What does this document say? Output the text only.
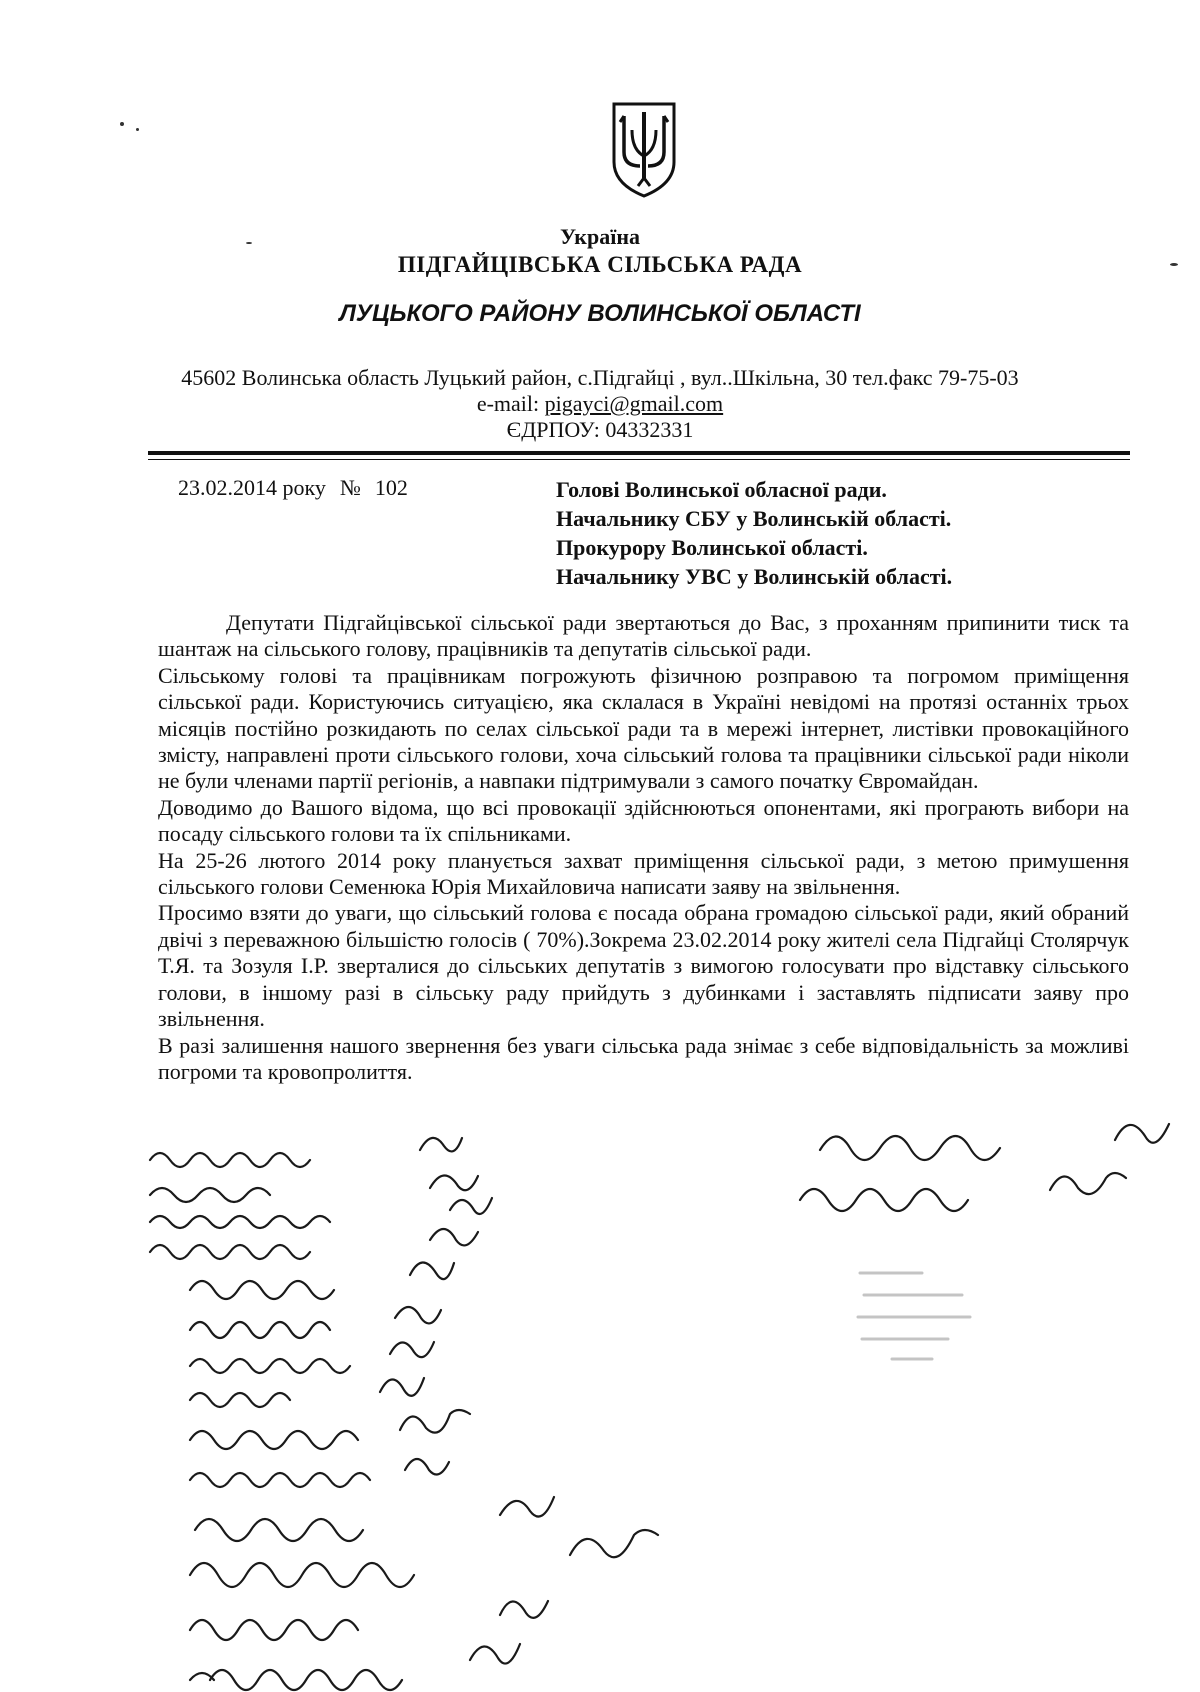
Україна
ПІДГАЙЦІВСЬКА СІЛЬСЬКА РАДА
ЛУЦЬКОГО РАЙОНУ ВОЛИНСЬКОЇ ОБЛАСТІ
45602 Волинська область Луцький район, с.Підгайці , вул..Шкільна, 30 тел.факс 79-75-03
e-mail: pigayci@gmail.com
ЄДРПОУ: 04332331
23.02.2014 року № 102	Голові Волинської обласної ради.
Начальнику СБУ у Волинській області.
Прокурору Волинської області.
Начальнику УВС у Волинській області.

Депутати Підгайцівської сільської ради звертаються до Вас, з проханням припинити тиск та шантаж на сільського голову, працівників та депутатів сільської ради.

Сільському голові та працівникам погрожують фізичною розправою та погромом приміщення сільської ради. Користуючись ситуацією, яка склалася в Україні невідомі на протязі останніх трьох місяців постійно розкидають по селах сільської ради та в мережі інтернет, листівки провокаційного змісту, направлені проти сільського голови, хоча сільський голова та працівники сільської ради ніколи не були членами партії регіонів, а навпаки підтримували з самого початку Євромайдан.

Доводимо до Вашого відома, що всі провокації здійснюються опонентами, які програють вибори на посаду сільського голови та їх спільниками.

На 25-26 лютого 2014 року планується захват приміщення сільської ради, з метою примушення сільського голови Семенюка Юрія Михайловича написати заяву на звільнення.

Просимо взяти до уваги, що сільський голова є посада обрана громадою сільської ради, який обраний двічі з переважною більшістю голосів ( 70%).Зокрема 23.02.2014 року жителі села Підгайці Столярчук Т.Я. та Зозуля І.Р. зверталися до сільських депутатів з вимогою голосувати про відставку сільського голови, в іншому разі в сільську раду прийдуть з дубинками і заставлять підписати заяву про звільнення.

В разі залишення нашого звернення без уваги сільська рада знімає з себе відповідальність за можливі погроми та кровопролиття.
